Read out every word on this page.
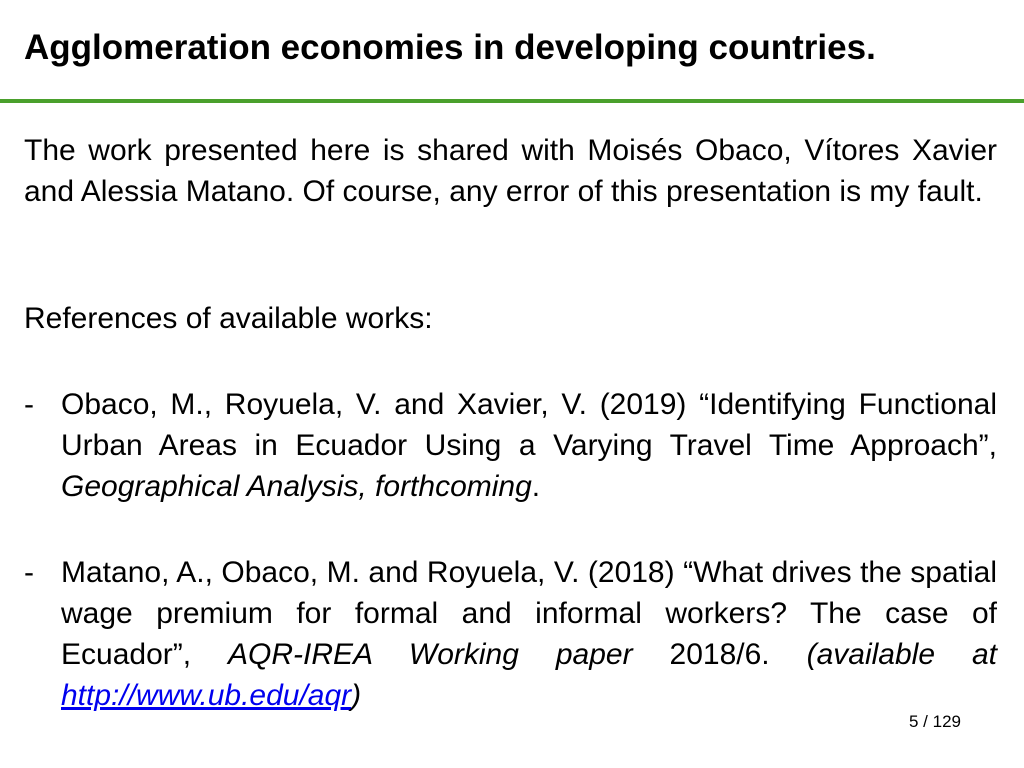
Agglomeration economies in developing countries.
The work presented here is shared with Moisés Obaco, Vítores Xavier and Alessia Matano. Of course, any error of this presentation is my fault.
References of available works:
- Obaco, M., Royuela, V. and Xavier, V. (2019) “Identifying Functional Urban Areas in Ecuador Using a Varying Travel Time Approach”, Geographical Analysis, forthcoming.
- Matano, A., Obaco, M. and Royuela, V. (2018) “What drives the spatial wage premium for formal and informal workers? The case of Ecuador”, AQR-IREA Working paper 2018/6. (available at http://www.ub.edu/aqr)
5 / 129
